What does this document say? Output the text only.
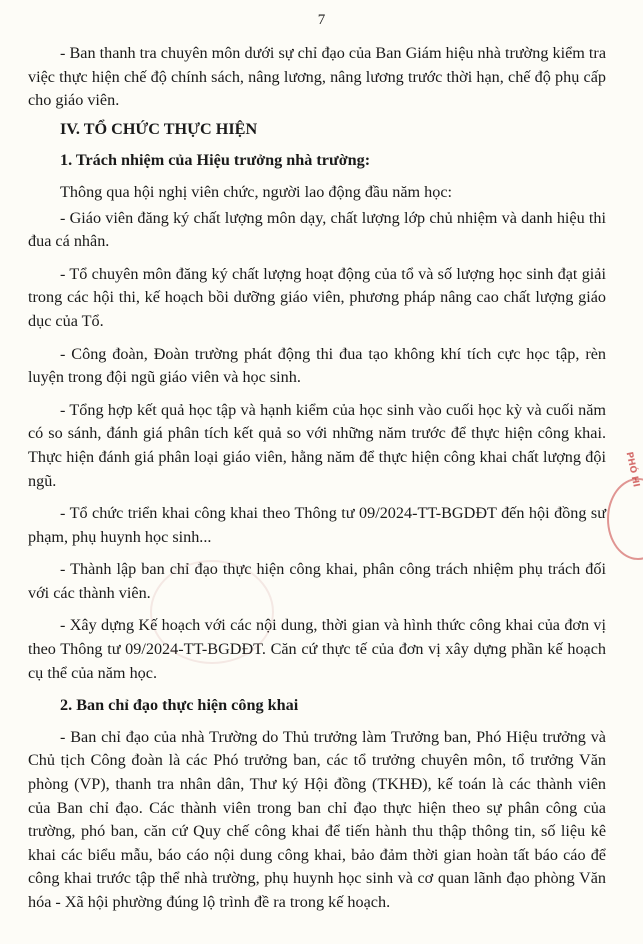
7

- Ban thanh tra chuyên môn dưới sự chỉ đạo của Ban Giám hiệu nhà trường kiểm tra việc thực hiện chế độ chính sách, nâng lương, nâng lương trước thời hạn, chế độ phụ cấp cho giáo viên.

IV. TỔ CHỨC THỰC HIỆN

1. Trách nhiệm của Hiệu trưởng nhà trường:

Thông qua hội nghị viên chức, người lao động đầu năm học:

- Giáo viên đăng ký chất lượng môn dạy, chất lượng lớp chủ nhiệm và danh hiệu thi đua cá nhân.

- Tổ chuyên môn đăng ký chất lượng hoạt động của tổ và số lượng học sinh đạt giải trong các hội thi, kế hoạch bồi dưỡng giáo viên, phương pháp nâng cao chất lượng giáo dục của Tổ.

- Công đoàn, Đoàn trường phát động thi đua tạo không khí tích cực học tập, rèn luyện trong đội ngũ giáo viên và học sinh.

- Tổng hợp kết quả học tập và hạnh kiểm của học sinh vào cuối học kỳ và cuối năm có so sánh, đánh giá phân tích kết quả so với những năm trước để thực hiện công khai. Thực hiện đánh giá phân loại giáo viên, hằng năm để thực hiện công khai chất lượng đội ngũ.

- Tổ chức triển khai công khai theo Thông tư 09/2024-TT-BGDĐT đến hội đồng sư phạm, phụ huynh học sinh...

- Thành lập ban chỉ đạo thực hiện công khai, phân công trách nhiệm phụ trách đối với các thành viên.

- Xây dựng Kế hoạch với các nội dung, thời gian và hình thức công khai của đơn vị theo Thông tư 09/2024-TT-BGDĐT. Căn cứ thực tế của đơn vị xây dựng phần kế hoạch cụ thể của năm học.

2. Ban chỉ đạo thực hiện công khai

- Ban chỉ đạo của nhà Trường do Thủ trưởng làm Trưởng ban, Phó Hiệu trưởng và Chủ tịch Công đoàn là các Phó trưởng ban, các tổ trưởng chuyên môn, tổ trưởng Văn phòng (VP), thanh tra nhân dân, Thư ký Hội đồng (TKHĐ), kế toán là các thành viên của Ban chỉ đạo. Các thành viên trong ban chỉ đạo thực hiện theo sự phân công của trường, phó ban, căn cứ Quy chế công khai để tiến hành thu thập thông tin, số liệu kê khai các biểu mẫu, báo cáo nội dung công khai, bảo đảm thời gian hoàn tất báo cáo để công khai trước tập thể nhà trường, phụ huynh học sinh và cơ quan lãnh đạo phòng Văn hóa - Xã hội phường đúng lộ trình đề ra trong kế hoạch.

PHÓ HI
